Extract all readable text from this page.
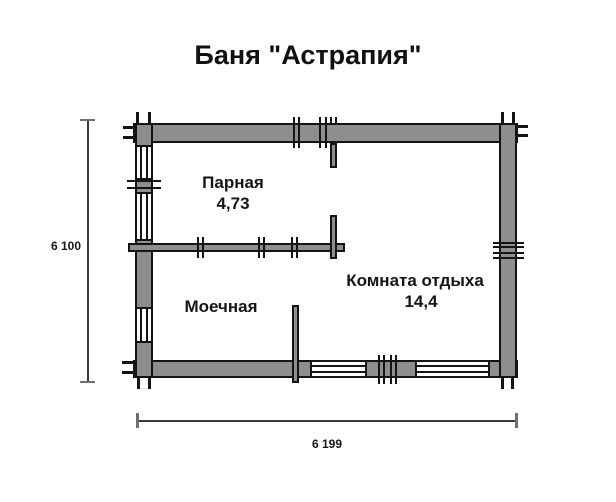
Баня "Астрапия"
Парная
4,73
Моечная
Комната отдыха
14,4
6 100
6 199
